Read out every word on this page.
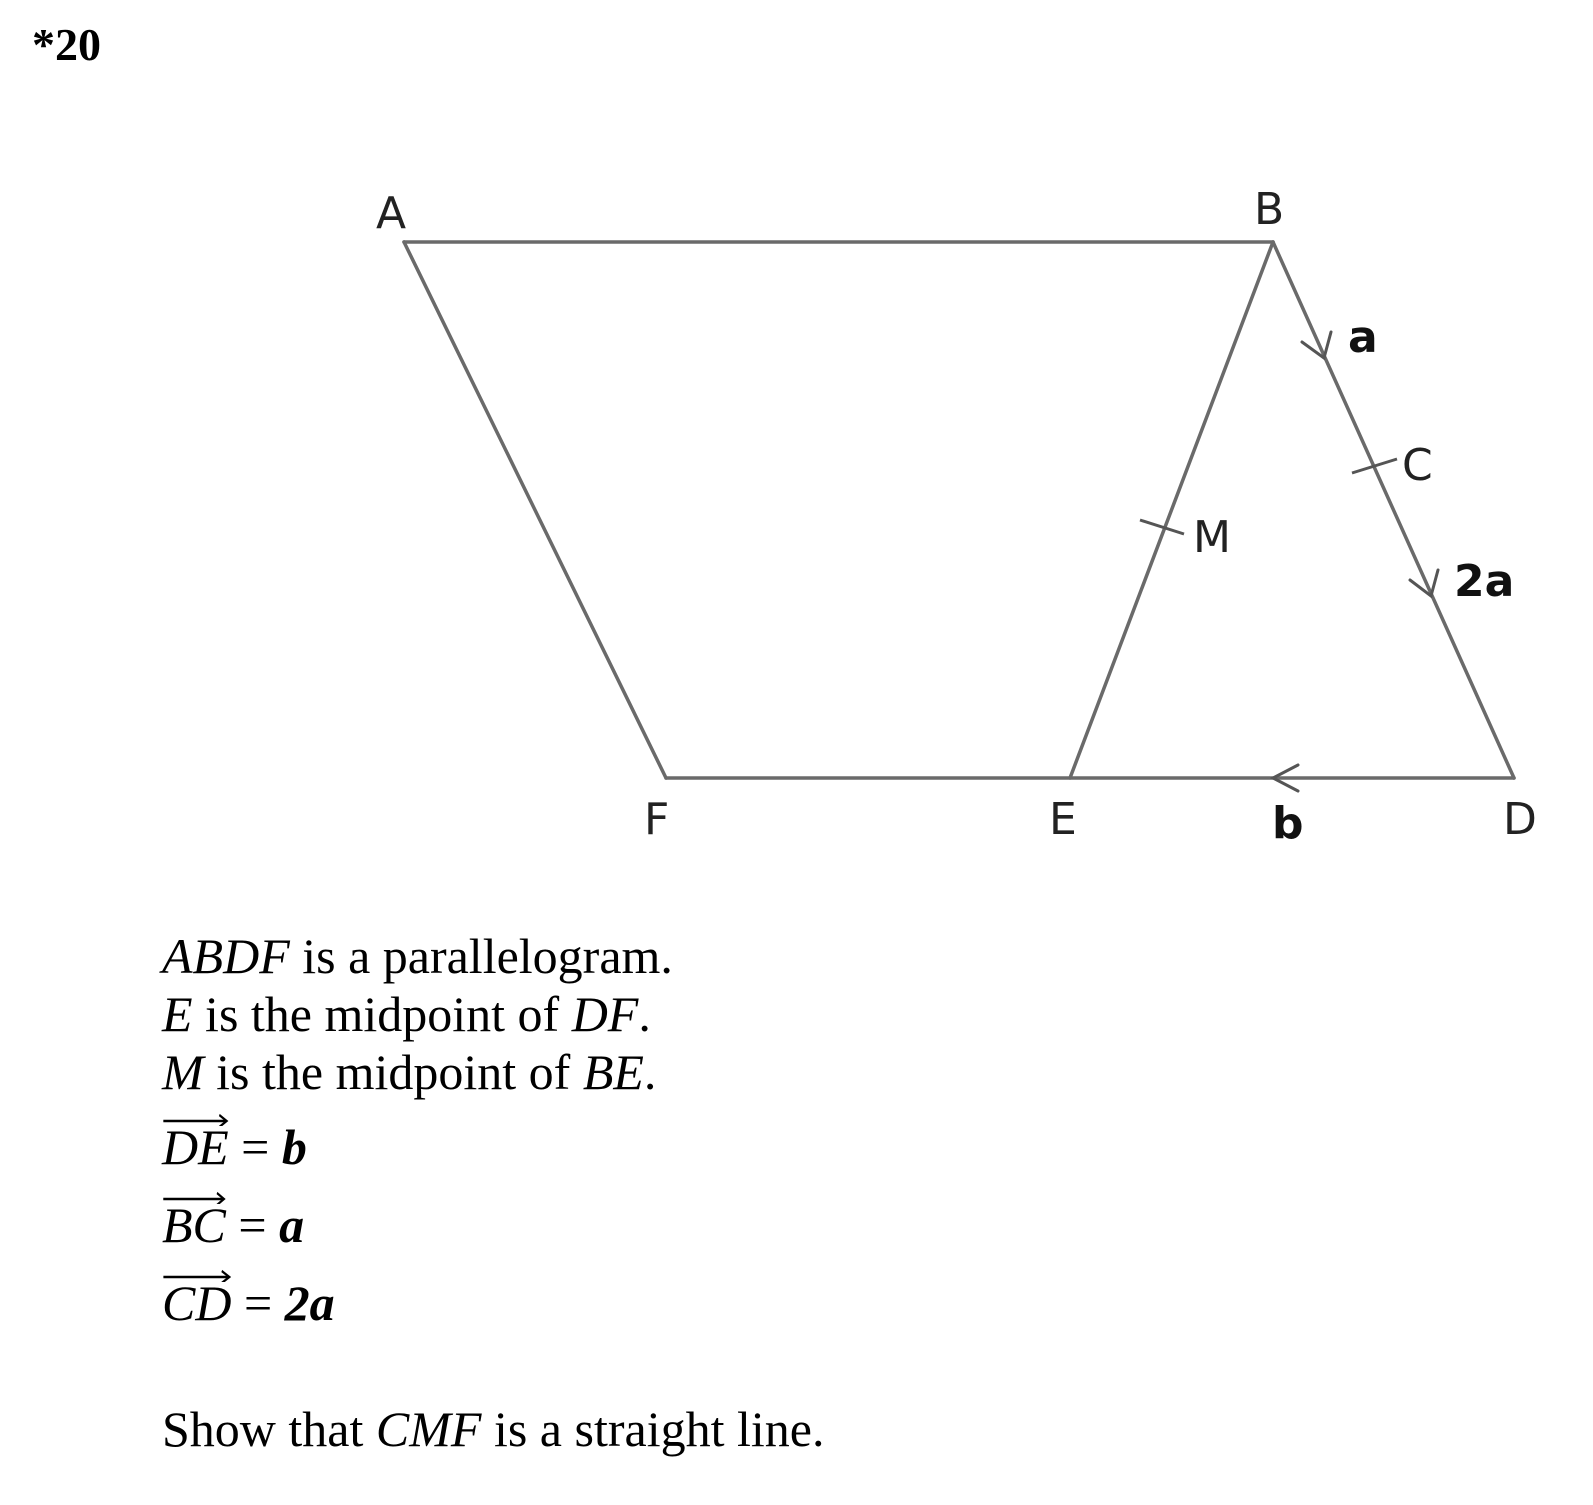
*20
A	B
C
M
F	E	D
a
2a
b
ABDF is a parallelogram.
E is the midpoint of DF.
M is the midpoint of BE.
DE = b
BC = a
CD = 2a
Show that CMF is a straight line.
